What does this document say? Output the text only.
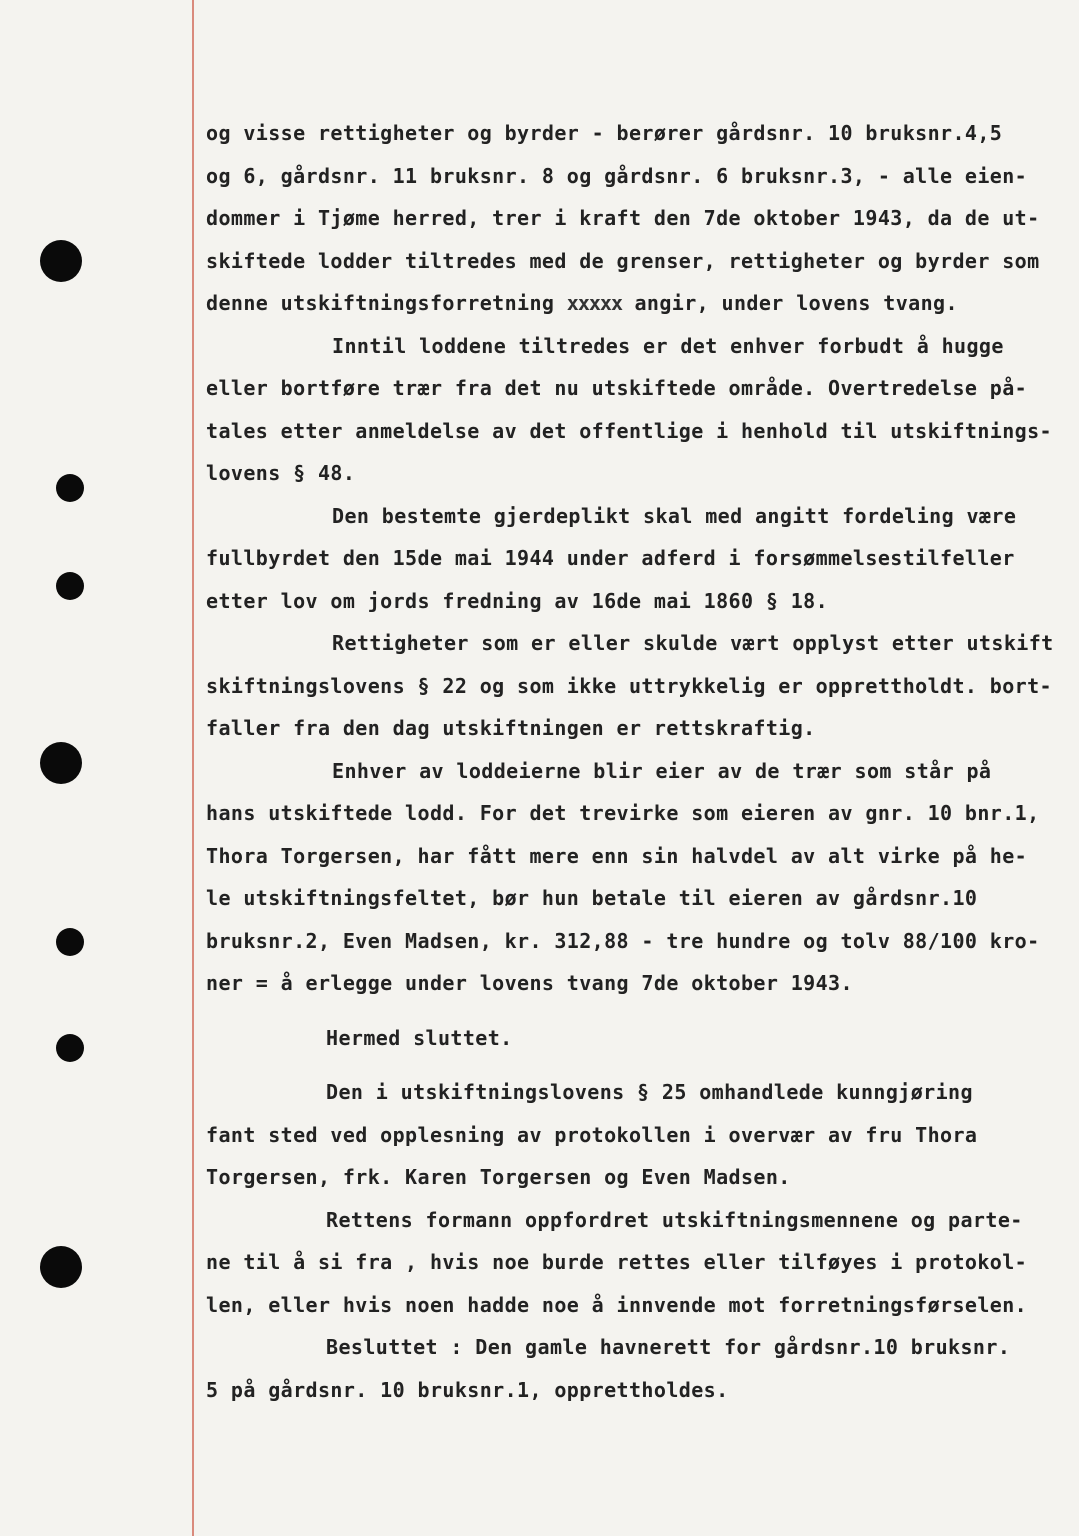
og visse rettigheter og byrder - berører gårdsnr. 10 bruksnr.4,5
og 6, gårdsnr. 11 bruksnr. 8 og gårdsnr. 6 bruksnr.3, - alle eien-
dommer i Tjøme herred, trer i kraft den 7de oktober 1943, da de ut-
skiftede lodder tiltredes med de grenser, rettigheter og byrder som
denne utskiftningsforretning xxxxx angir, under lovens tvang.
Inntil loddene tiltredes er det enhver forbudt å hugge
eller bortføre trær fra det nu utskiftede område. Overtredelse på-
tales etter anmeldelse av det offentlige i henhold til utskiftnings-
lovens § 48.
Den bestemte gjerdeplikt skal med angitt fordeling være
fullbyrdet den 15de mai 1944 under adferd i forsømmelsestilfeller
etter lov om jords fredning av 16de mai 1860 § 18.
Rettigheter som er eller skulde vært opplyst etter utskift
skiftningslovens § 22 og som ikke uttrykkelig er opprettholdt. bort-
faller fra den dag utskiftningen er rettskraftig.
Enhver av loddeierne blir eier av de trær som står på
hans utskiftede lodd. For det trevirke som eieren av gnr. 10 bnr.1,
Thora Torgersen, har fått mere enn sin halvdel av alt virke på he-
le utskiftningsfeltet, bør hun betale til eieren av gårdsnr.10
bruksnr.2, Even Madsen, kr. 312,88 - tre hundre og tolv 88/100 kro-
ner = å erlegge under lovens tvang 7de oktober 1943.
Hermed sluttet.
Den i utskiftningslovens § 25 omhandlede kunngjøring
fant sted ved opplesning av protokollen i overvær av fru Thora
Torgersen, frk. Karen Torgersen og Even Madsen.
Rettens formann oppfordret utskiftningsmennene og parte-
ne til å si fra , hvis noe burde rettes eller tilføyes i protokol-
len, eller hvis noen hadde noe å innvende mot forretningsførselen.
Besluttet : Den gamle havnerett for gårdsnr.10 bruksnr.
5 på gårdsnr. 10 bruksnr.1, opprettholdes.
